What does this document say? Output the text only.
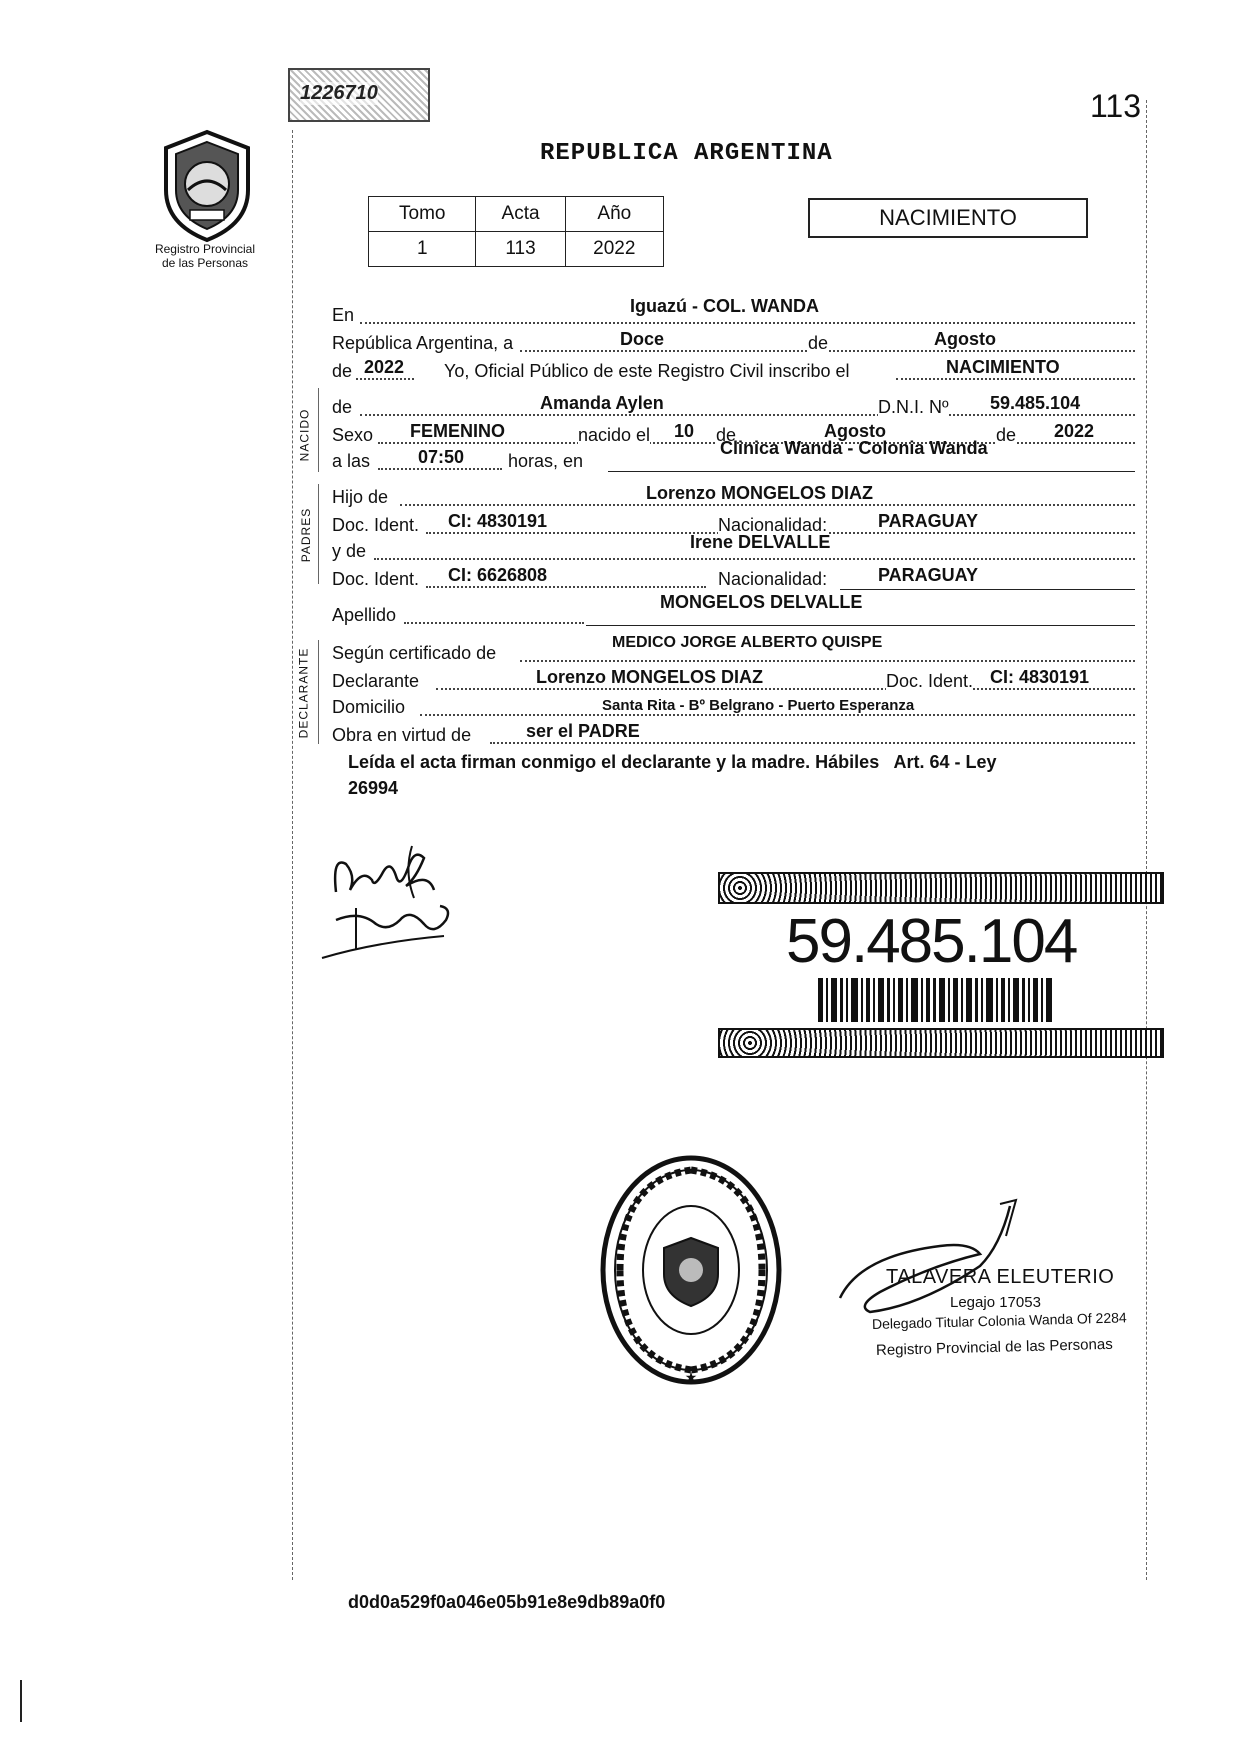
113
1226710
Registro Provincial
de las Personas
REPUBLICA ARGENTINA
Tomo	Acta	Año
1	113	2022
NACIMIENTO
En	Iguazú - COL. WANDA
República Argentina, a	Doce	de	Agosto
de 2022 Yo, Oficial Público de este Registro Civil inscribo el	NACIMIENTO
NACIDO
de	Amanda Aylen	D.N.I. Nº 59.485.104
Sexo FEMENINO	nacido el 10 de	Agosto	de 2022
a las	07:50 horas, en
Clinica Wanda - Colonia Wanda
PADRES
Hijo de	Lorenzo MONGELOS DIAZ
Doc. Ident. CI: 4830191	Nacionalidad:	PARAGUAY
y de	Irene DELVALLE
Doc. Ident. CI: 6626808	Nacionalidad:	PARAGUAY
Apellido
MONGELOS DELVALLE
DECLARANTE Según certificado de
MEDICO JORGE ALBERTO QUISPE
Declarante	Lorenzo MONGELOS DIAZ	Doc. Ident. CI: 4830191
Domicilio	Santa Rita - Bº Belgrano - Puerto Esperanza
Obra en virtud de	ser el PADRE
Leída el acta firman conmigo el declarante y la madre. Hábiles   Art. 64 - Ley
26994
59.485.104
★
TALAVERA ELEUTERIO
Legajo 17053
Delegado Titular Colonia Wanda Of 2284
Registro Provincial de las Personas
d0d0a529f0a046e05b91e8e9db89a0f0
